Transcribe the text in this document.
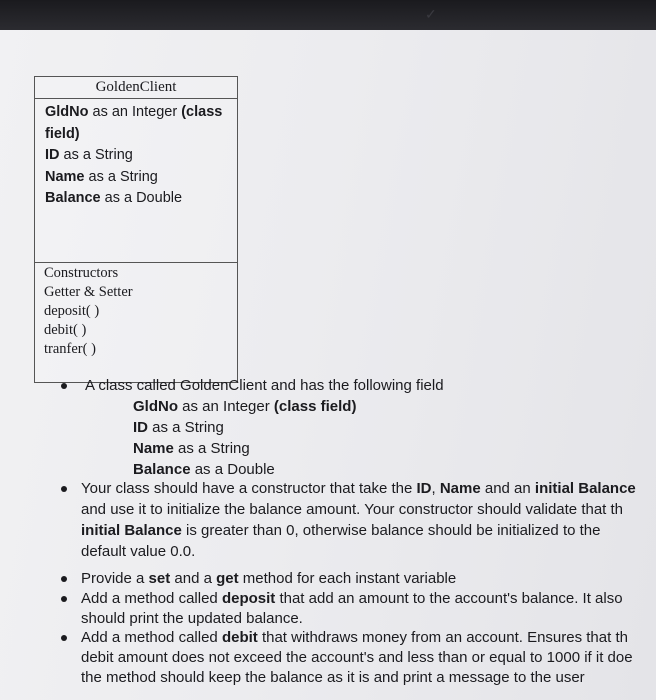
✓
GoldenClient
GldNo as an Integer (class
field)
ID as a String
Name as a String
Balance as a Double
Constructors
Getter & Setter
deposit( )
debit( )
tranfer( )
A class called GoldenClient and has the following field
GldNo as an Integer (class field)
ID as a String
Name as a String
Balance as a Double
Your class should have a constructor that take the ID, Name and an initial Balance
and use it to initialize the balance amount. Your constructor should validate that th
initial Balance is greater than 0, otherwise balance should be initialized to the
default value 0.0.
Provide a set and a get method for each instant variable
Add a method called deposit that add an amount to the account's balance. It also
should print the updated balance.
Add a method called debit that withdraws money from an account. Ensures that th
debit amount does not exceed the account's and less than or equal to 1000 if it doe
the method should keep the balance as it is and print a message to the user
